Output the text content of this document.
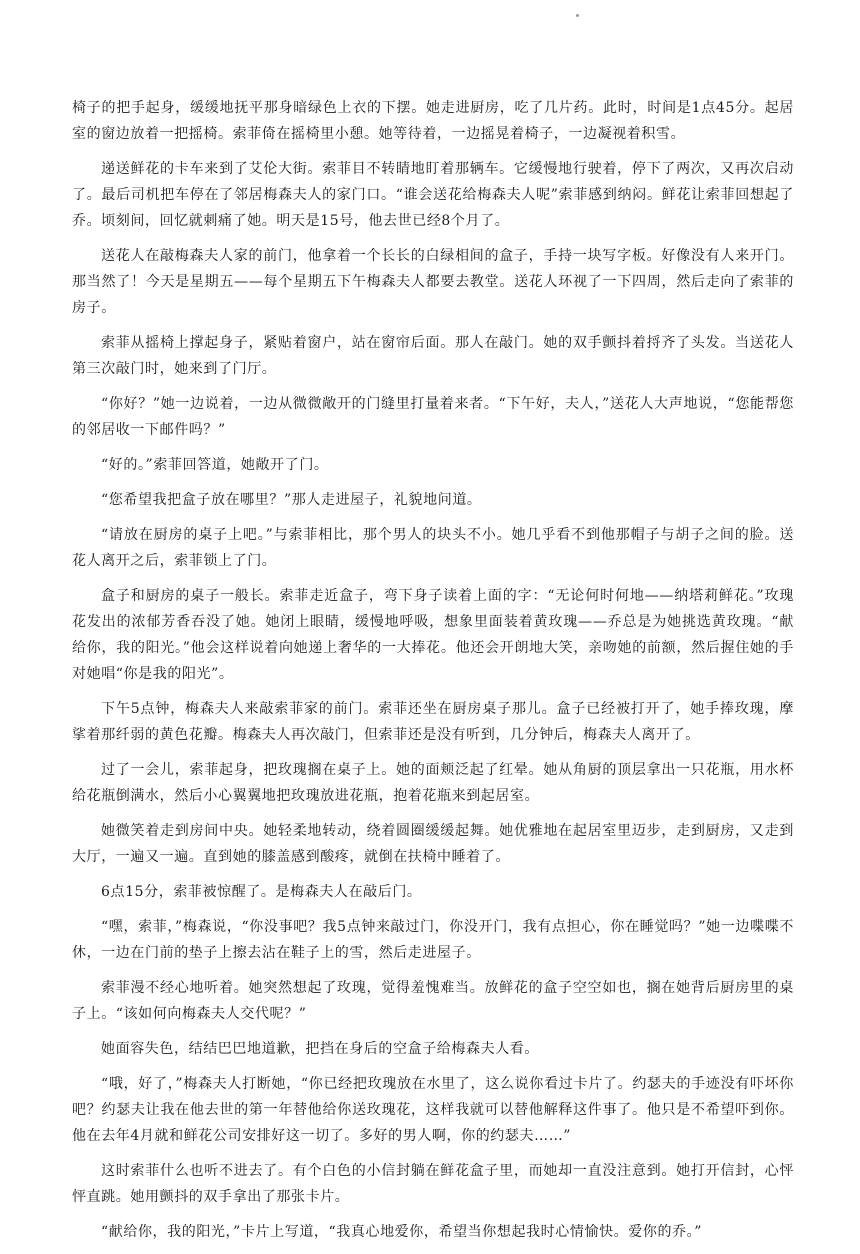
椅子的把手起身，缓缓地抚平那身暗绿色上衣的下摆。她走进厨房，吃了几片药。此时，时间是1点45分。起居室的窗边放着一把摇椅。索菲倚在摇椅里小憩。她等待着，一边摇晃着椅子，一边凝视着积雪。

递送鲜花的卡车来到了艾伦大街。索菲目不转睛地盯着那辆车。它缓慢地行驶着，停下了两次，又再次启动了。最后司机把车停在了邻居梅森夫人的家门口。“谁会送花给梅森夫人呢”索菲感到纳闷。鲜花让索菲回想起了乔。顷刻间，回忆就刺痛了她。明天是15号，他去世已经8个月了。

送花人在敲梅森夫人家的前门，他拿着一个长长的白绿相间的盒子，手持一块写字板。好像没有人来开门。那当然了！今天是星期五——每个星期五下午梅森夫人都要去教堂。送花人环视了一下四周，然后走向了索菲的房子。

索菲从摇椅上撑起身子，紧贴着窗户，站在窗帘后面。那人在敲门。她的双手颤抖着捋齐了头发。当送花人第三次敲门时，她来到了门厅。

“你好？”她一边说着，一边从微微敞开的门缝里打量着来者。“下午好，夫人，”送花人大声地说，“您能帮您的邻居收一下邮件吗？”

“好的。”索菲回答道，她敞开了门。

“您希望我把盒子放在哪里？”那人走进屋子，礼貌地问道。

“请放在厨房的桌子上吧。”与索菲相比，那个男人的块头不小。她几乎看不到他那帽子与胡子之间的脸。送花人离开之后，索菲锁上了门。

盒子和厨房的桌子一般长。索菲走近盒子，弯下身子读着上面的字：“无论何时何地——纳塔莉鲜花。”玫瑰花发出的浓郁芳香吞没了她。她闭上眼睛，缓慢地呼吸，想象里面装着黄玫瑰——乔总是为她挑选黄玫瑰。“献给你，我的阳光。”他会这样说着向她递上奢华的一大捧花。他还会开朗地大笑，亲吻她的前额，然后握住她的手对她唱“你是我的阳光”。

下午5点钟，梅森夫人来敲索菲家的前门。索菲还坐在厨房桌子那儿。盒子已经被打开了，她手捧玫瑰，摩挲着那纤弱的黄色花瓣。梅森夫人再次敲门，但索菲还是没有听到，几分钟后，梅森夫人离开了。

过了一会儿，索菲起身，把玫瑰搁在桌子上。她的面颊泛起了红晕。她从角厨的顶层拿出一只花瓶，用水杯给花瓶倒满水，然后小心翼翼地把玫瑰放进花瓶，抱着花瓶来到起居室。

她微笑着走到房间中央。她轻柔地转动，绕着圆圈缓缓起舞。她优雅地在起居室里迈步，走到厨房，又走到大厅，一遍又一遍。直到她的膝盖感到酸疼，就倒在扶椅中睡着了。

6点15分，索菲被惊醒了。是梅森夫人在敲后门。

“嘿，索菲，”梅森说，“你没事吧？我5点钟来敲过门，你没开门，我有点担心，你在睡觉吗？”她一边喋喋不休，一边在门前的垫子上擦去沾在鞋子上的雪，然后走进屋子。

索菲漫不经心地听着。她突然想起了玫瑰，觉得羞愧难当。放鲜花的盒子空空如也，搁在她背后厨房里的桌子上。“该如何向梅森夫人交代呢？”

她面容失色，结结巴巴地道歉，把挡在身后的空盒子给梅森夫人看。

“哦，好了，”梅森夫人打断她，“你已经把玫瑰放在水里了，这么说你看过卡片了。约瑟夫的手迹没有吓坏你吧？约瑟夫让我在他去世的第一年替他给你送玫瑰花，这样我就可以替他解释这件事了。他只是不希望吓到你。他在去年4月就和鲜花公司安排好这一切了。多好的男人啊，你的约瑟夫……”

这时索菲什么也听不进去了。有个白色的小信封躺在鲜花盒子里，而她却一直没注意到。她打开信封，心怦怦直跳。她用颤抖的双手拿出了那张卡片。

“献给你，我的阳光，”卡片上写道，“我真心地爱你，希望当你想起我时心情愉快。爱你的乔。”
